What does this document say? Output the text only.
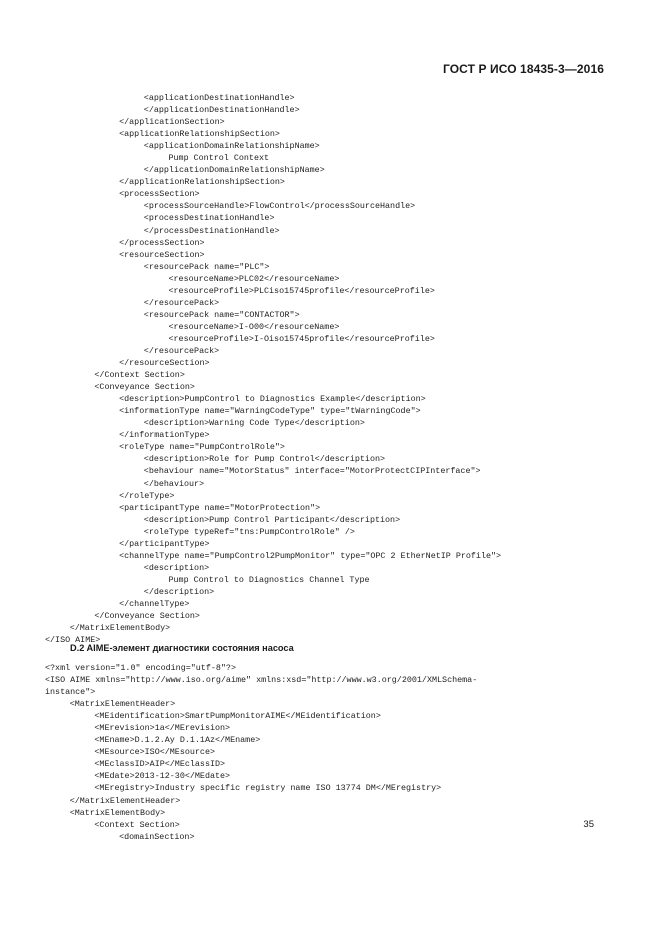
ГОСТ Р ИСО 18435-3—2016
<applicationDestinationHandle>
</applicationDestinationHandle>
</applicationSection>
<applicationRelationshipSection>
<applicationDomainRelationshipName>
Pump Control Context
</applicationDomainRelationshipName>
</applicationRelationshipSection>
<processSection>
<processSourceHandle>FlowControl</processSourceHandle>
<processDestinationHandle>
</processDestinationHandle>
</processSection>
<resourceSection>
<resourcePack name="PLC">
<resourceName>PLC02</resourceName>
<resourceProfile>PLCiso15745profile</resourceProfile>
</resourcePack>
<resourcePack name="CONTACTOR">
<resourceName>I-O00</resourceName>
<resourceProfile>I-Oiso15745profile</resourceProfile>
</resourcePack>
</resourceSection>
</Context Section>
<Conveyance Section>
<description>PumpControl to Diagnostics Example</description>
<informationType name="WarningCodeType" type="tWarningCode">
<description>Warning Code Type</description>
</informationType>
<roleType name="PumpControlRole">
<description>Role for Pump Control</description>
<behaviour name="MotorStatus" interface="MotorProtectCIPInterface">
</behaviour>
</roleType>
<participantType name="MotorProtection">
<description>Pump Control Participant</description>
<roleType typeRef="tns:PumpControlRole" />
</participantType>
<channelType name="PumpControl2PumpMonitor" type="OPC 2 EtherNetIP Profile">
<description>
Pump Control to Diagnostics Channel Type
</description>
</channelType>
</Conveyance Section>
</MatrixElementBody>
</ISO AIME>
D.2 AIME-элемент диагностики состояния насоса
<?xml version="1.0" encoding="utf-8"?>
<ISO AIME xmlns="http://www.iso.org/aime" xmlns:xsd="http://www.w3.org/2001/XMLSchema-
instance">
<MatrixElementHeader>
<MEidentification>SmartPumpMonitorAIME</MEidentification>
<MErevision>1a</MErevision>
<MEname>D.1.2.Ay D.1.1Az</MEname>
<MEsource>ISO</MEsource>
<MEclassID>AIP</MEclassID>
<MEdate>2013-12-30</MEdate>
<MEregistry>Industry specific registry name ISO 13774 DM</MEregistry>
</MatrixElementHeader>
<MatrixElementBody>
<Context Section>
<domainSection>
35
